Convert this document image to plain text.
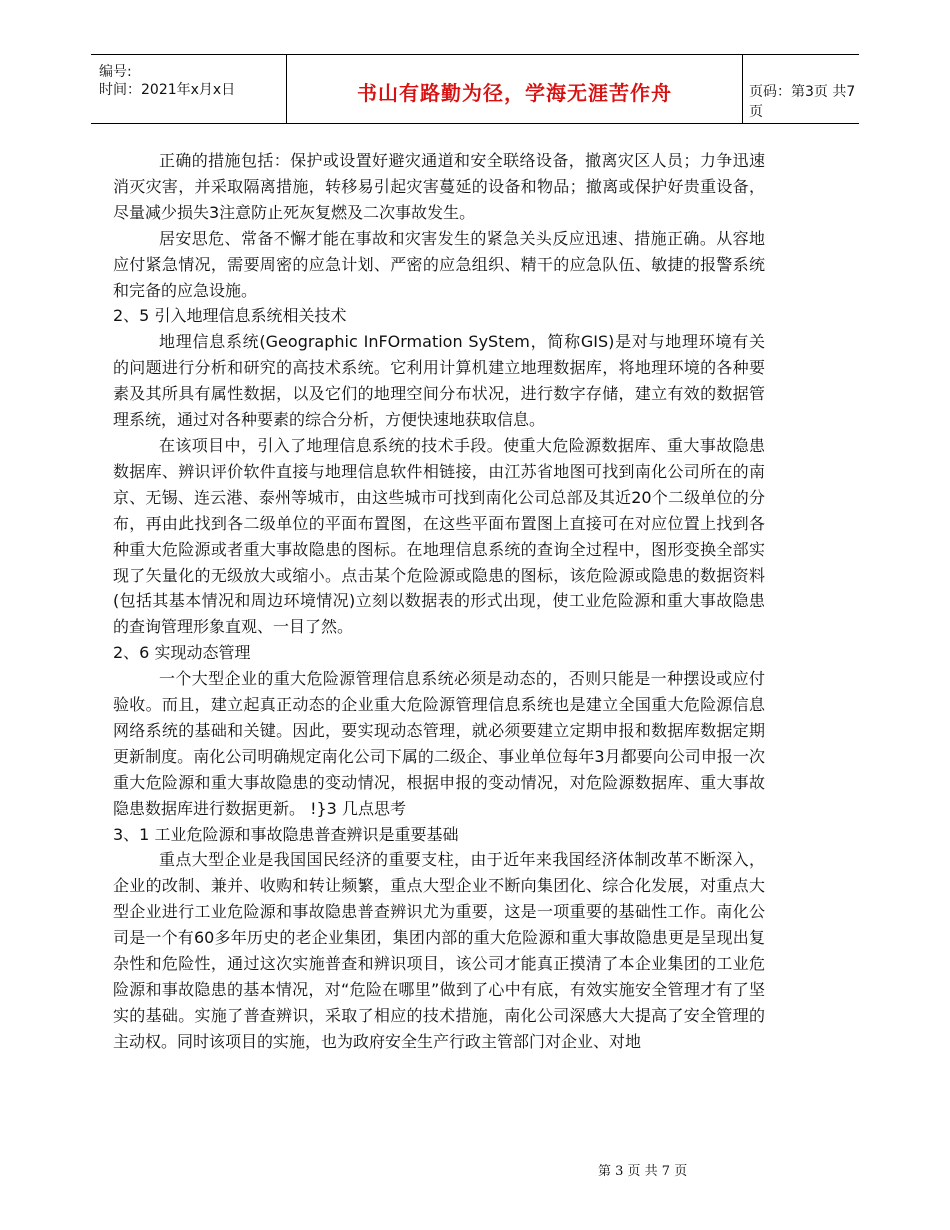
编号:
时间：2021年x月x日	书山有路勤为径，学海无涯苦作舟	页码：第3页 共7页

正确的措施包括：保护或设置好避灾通道和安全联络设备，撤离灾区人员；力争迅速消灭灾害，并采取隔离措施，转移易引起灾害蔓延的设备和物品；撤离或保护好贵重设备，尽量减少损失3注意防止死灰复燃及二次事故发生。

居安思危、常备不懈才能在事故和灾害发生的紧急关头反应迅速、措施正确。从容地应付紧急情况，需要周密的应急计划、严密的应急组织、精干的应急队伍、敏捷的报警系统和完备的应急设施。

2、5 引入地理信息系统相关技术

地理信息系统(Geographic InFOrmation SyStem，简称GIS)是对与地理环境有关的问题进行分析和研究的高技术系统。它利用计算机建立地理数据库，将地理环境的各种要素及其所具有属性数据，以及它们的地理空间分布状况，进行数字存储，建立有效的数据管理系统，通过对各种要素的综合分析，方便快速地获取信息。

在该项目中，引入了地理信息系统的技术手段。使重大危险源数据库、重大事故隐患数据库、辨识评价软件直接与地理信息软件相链接，由江苏省地图可找到南化公司所在的南京、无锡、连云港、泰州等城市，由这些城市可找到南化公司总部及其近20个二级单位的分布，再由此找到各二级单位的平面布置图，在这些平面布置图上直接可在对应位置上找到各种重大危险源或者重大事故隐患的图标。在地理信息系统的查询全过程中，图形变换全部实现了矢量化的无级放大或缩小。点击某个危险源或隐患的图标，该危险源或隐患的数据资料(包括其基本情况和周边环境情况)立刻以数据表的形式出现，使工业危险源和重大事故隐患的查询管理形象直观、一目了然。

2、6 实现动态管理

一个大型企业的重大危险源管理信息系统必须是动态的，否则只能是一种摆设或应付验收。而且，建立起真正动态的企业重大危险源管理信息系统也是建立全国重大危险源信息网络系统的基础和关键。因此，要实现动态管理，就必须要建立定期申报和数据库数据定期更新制度。南化公司明确规定南化公司下属的二级企、事业单位每年3月都要向公司申报一次重大危险源和重大事故隐患的变动情况，根据申报的变动情况，对危险源数据库、重大事故隐患数据库进行数据更新。 !}3 几点思考

3、1 工业危险源和事故隐患普查辨识是重要基础

重点大型企业是我国国民经济的重要支柱，由于近年来我国经济体制改革不断深入，企业的改制、兼并、收购和转让频繁，重点大型企业不断向集团化、综合化发展，对重点大型企业进行工业危险源和事故隐患普查辨识尤为重要，这是一项重要的基础性工作。南化公司是一个有60多年历史的老企业集团，集团内部的重大危险源和重大事故隐患更是呈现出复杂性和危险性，通过这次实施普查和辨识项目，该公司才能真正摸清了本企业集团的工业危险源和事故隐患的基本情况，对“危险在哪里”做到了心中有底，有效实施安全管理才有了坚实的基础。实施了普查辨识，采取了相应的技术措施，南化公司深感大大提高了安全管理的主动权。同时该项目的实施，也为政府安全生产行政主管部门对企业、对地

第 3 页 共 7 页
